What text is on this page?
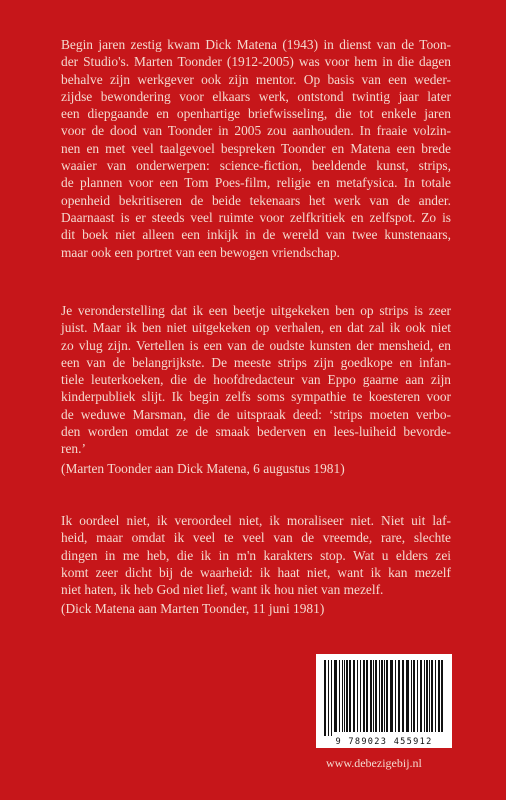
Begin jaren zestig kwam Dick Matena (1943) in dienst van de Toon-
der Studio's. Marten Toonder (1912-2005) was voor hem in die dagen
behalve zijn werkgever ook zijn mentor. Op basis van een weder-
zijdse bewondering voor elkaars werk, ontstond twintig jaar later
een diepgaande en openhartige briefwisseling, die tot enkele jaren
voor de dood van Toonder in 2005 zou aanhouden. In fraaie volzin-
nen en met veel taalgevoel bespreken Toonder en Matena een brede
waaier van onderwerpen: science-fiction, beeldende kunst, strips,
de plannen voor een Tom Poes-film, religie en metafysica. In totale
openheid bekritiseren de beide tekenaars het werk van de ander.
Daarnaast is er steeds veel ruimte voor zelfkritiek en zelfspot. Zo is
dit boek niet alleen een inkijk in de wereld van twee kunstenaars,
maar ook een portret van een bewogen vriendschap.

Je veronderstelling dat ik een beetje uitgekeken ben op strips is zeer
juist. Maar ik ben niet uitgekeken op verhalen, en dat zal ik ook niet
zo vlug zijn. Vertellen is een van de oudste kunsten der mensheid, en
een van de belangrijkste. De meeste strips zijn goedkope en infan-
tiele leuterkoeken, die de hoofdredacteur van Eppo gaarne aan zijn
kinderpubliek slijt. Ik begin zelfs soms sympathie te koesteren voor
de weduwe Marsman, die de uitspraak deed: ‘strips moeten verbo-
den worden omdat ze de smaak bederven en lees-luiheid bevorde-
ren.’

(Marten Toonder aan Dick Matena, 6 augustus 1981)

Ik oordeel niet, ik veroordeel niet, ik moraliseer niet. Niet uit laf-
heid, maar omdat ik veel te veel van de vreemde, rare, slechte
dingen in me heb, die ik in m'n karakters stop. Wat u elders zei
komt zeer dicht bij de waarheid: ik haat niet, want ik kan mezelf
niet haten, ik heb God niet lief, want ik hou niet van mezelf.

(Dick Matena aan Marten Toonder, 11 juni 1981)

9 789023 455912
www.debezigebij.nl
